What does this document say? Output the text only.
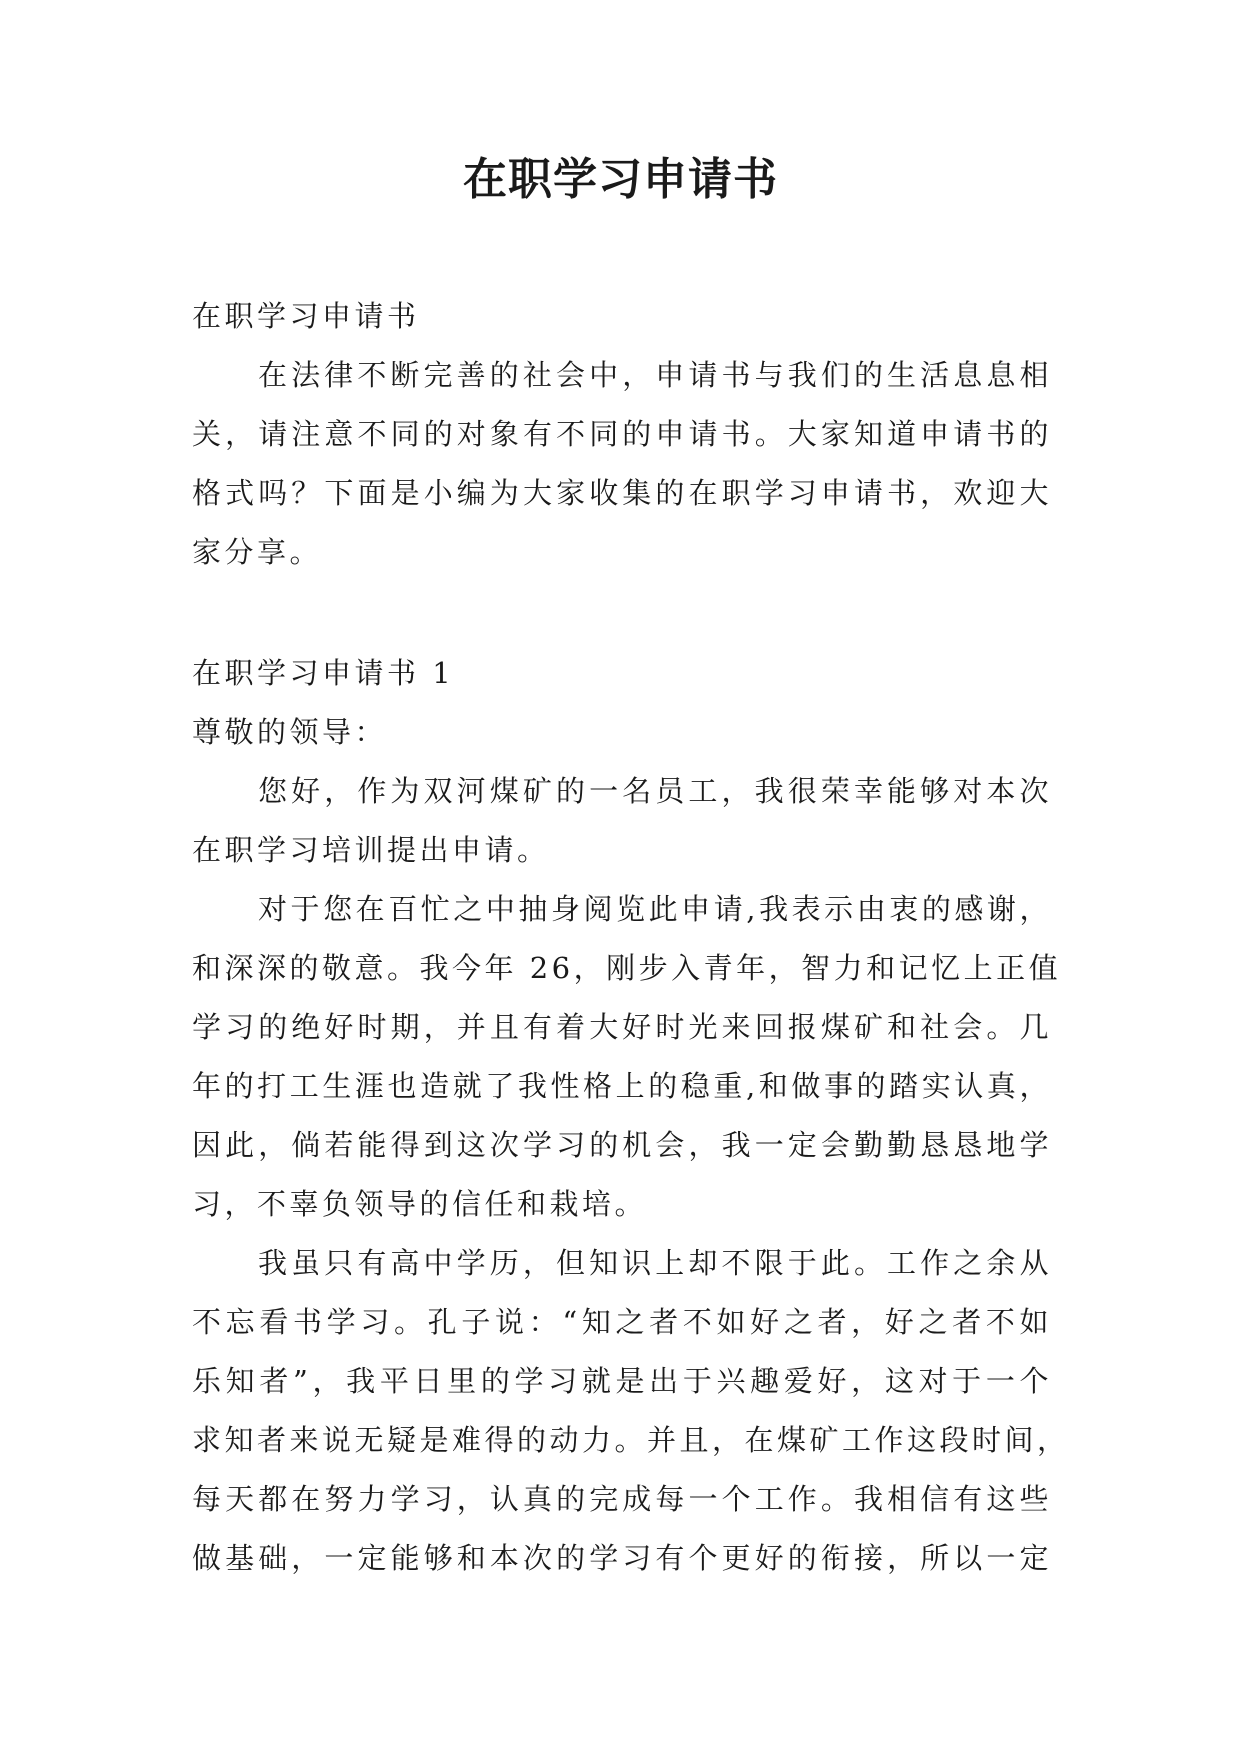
在职学习申请书
在职学习申请书
在法律不断完善的社会中，申请书与我们的生活息息相
关，请注意不同的对象有不同的申请书。大家知道申请书的
格式吗？下面是小编为大家收集的在职学习申请书，欢迎大
家分享。
在职学习申请书 1
尊敬的领导：
您好，作为双河煤矿的一名员工，我很荣幸能够对本次
在职学习培训提出申请。
对于您在百忙之中抽身阅览此申请,我表示由衷的感谢，
和深深的敬意。我今年 26，刚步入青年，智力和记忆上正值
学习的绝好时期，并且有着大好时光来回报煤矿和社会。几
年的打工生涯也造就了我性格上的稳重,和做事的踏实认真，
因此，倘若能得到这次学习的机会，我一定会勤勤恳恳地学
习，不辜负领导的信任和栽培。
我虽只有高中学历，但知识上却不限于此。工作之余从
不忘看书学习。孔子说：“知之者不如好之者，好之者不如
乐知者”，我平日里的学习就是出于兴趣爱好，这对于一个
求知者来说无疑是难得的动力。并且，在煤矿工作这段时间，
每天都在努力学习，认真的完成每一个工作。我相信有这些
做基础，一定能够和本次的学习有个更好的衔接，所以一定
